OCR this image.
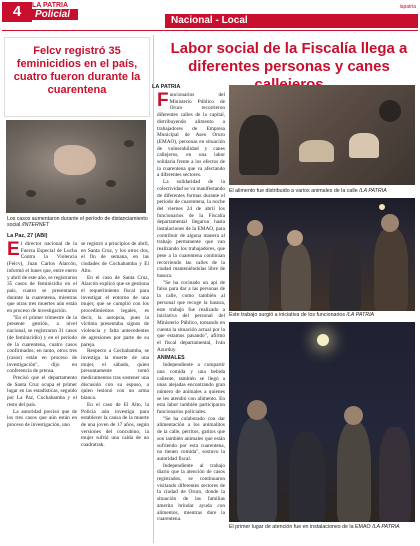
4	LA PATRIA
Policial
lapatria
Nacional - Local	Oruro, martes 28 de abril de 2020
Felcv registró 35 feminicidios en el país, cuatro fueron durante la cuarentena
Los casos aumentaron durante el período de distanciamiento social /INTERNET
La Paz, 27 (ABI)
E l director nacional de la Fuerza Especial de Lucha Contra la Violencia (Felcv), Juan Carlos Alarcón, informó el lunes que, entre enero y abril de este año, se registraron 35 casos de feminicidio en el país, cuatro se presentaron durante la cuarentena, mientras que otras tres muertes aún están en proceso de investigación.

"En el primer trimestre de la presente gestión, a nivel nacional, se registraron 31 casos (de feminicidio) y en el periodo de la cuarentena, cuatro casos confirmados; en tanto, otros tres (casos) están en proceso de investigación", dijo en conferencia de prensa.

Precisó que el departamento de Santa Cruz ocupa el primer lugar en las estadísticas, seguido por La Paz, Cochabamba y el resto del país.

La autoridad precisó que de los tres casos que aún están en proceso de investigación, uno

se registró a principios de abril, en Santa Cruz, y los otros dos, el fin de semana, en las ciudades de Cochabamba y El Alto.

En el caso de Santa Cruz, Alarcón explicó que se gestiona el requerimiento fiscal para investigar el entorno de una mujer, que se cumplió con los procedimientos legales, es decir, la autopsia, pues la víctima presentaba signos de violencia y falta antecedentes de agresiones por parte de su pareja.

Respecto a Cochabamba, se investiga la muerte de una mujer, el sábado, quien presuntamente tomó medicamentos tras sostener una discusión con su esposo, a quien lesionó con un arma blanca.

En el caso de El Alto, la Policía aún investiga para establecer la causa de la muerte de una joven de 17 años, según versiones del concubino, la mujer sufrió una caída de un cuadratrak.

Labor social de la Fiscalía llega a diferentes personas y canes
LA PATRIA
F uncionarios del Ministerio Público de Oruro recorrieron diferentes calles de la capital, distribuyendo alimento a trabajadores de Empresa Municipal de Aseo Oruro (EMAO), personas en situación de vulnerabilidad y canes callejeros, en una labor solidaria frente a los efectos de la cuarentena que va afectando a diferentes sectores.

La solidaridad de la colectividad se va manifestando de diferentes formas durante el periodo de cuarentena, la noche del viernes 24 de abril los funcionarios de la Fiscalía departamental llegaron hasta instalaciones de la EMAO, para contribuir de alguna manera al trabajo permanente que van realizando los trabajadores, que pese a la cuarentena continúan recorriendo las calles de la ciudad manteniéndolas libre de basura.

"Se ha cocinado un api de falso para dar a las personas de la calle, como también al personal que recoge la basura, este trabajo fue realizado a iniciativa del personal del Ministerio Público, tomando en cuenta la situación actual por la que estamos pasando", afirmó el fiscal departamental, Iván Azurduy.

ANIMALES

Independiente a compartir una comida y una bebida caliente, también se llegó a unas alejadas encontrando gran número de animales a quienes se les atendió con alimento. En esta labor también participaron funcionarios policiales.

"Se ha colaborado con dar alimentación a los animalitos de la calle, perritos, gatitos que son también animales que están sufriendo por esta cuarentena, no tienen comida", sostuvo la autoridad fiscal.

Independiente al trabajo diario que la atención de casos registrados, se continuaron visitando diferentes sectores de la ciudad de Oruro, donde la situación de las familias amerita brindar ayuda con alimentos, mientras dure la cuarentena.

El alimento fue distribuido a varios animales de la calle /LA PATRIA
Este trabajo surgió a iniciativa de los funcionarios /LA PATRIA
El primer lugar de atención fue en instalaciones de la EMAO /LA PATRIA
